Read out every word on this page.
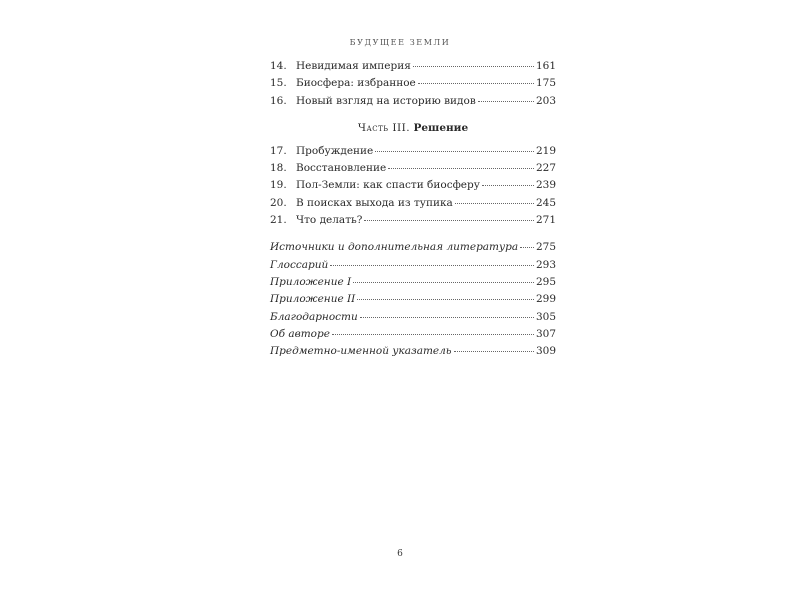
БУДУЩЕЕ ЗЕМЛИ
14. Невидимая империя	161
15. Биосфера: избранное	175
16. Новый взгляд на историю видов	203
Часть III. Решение
17. Пробуждение	219
18. Восстановление	227
19. Пол-Земли: как спасти биосферу	239
20. В поисках выхода из тупика	245
21. Что делать?	271
Источники и дополнительная литература 275
Глоссарий	293
Приложение I	295
Приложение II	299
Благодарности	305
Об авторе	307
Предметно-именной указатель	309
6
